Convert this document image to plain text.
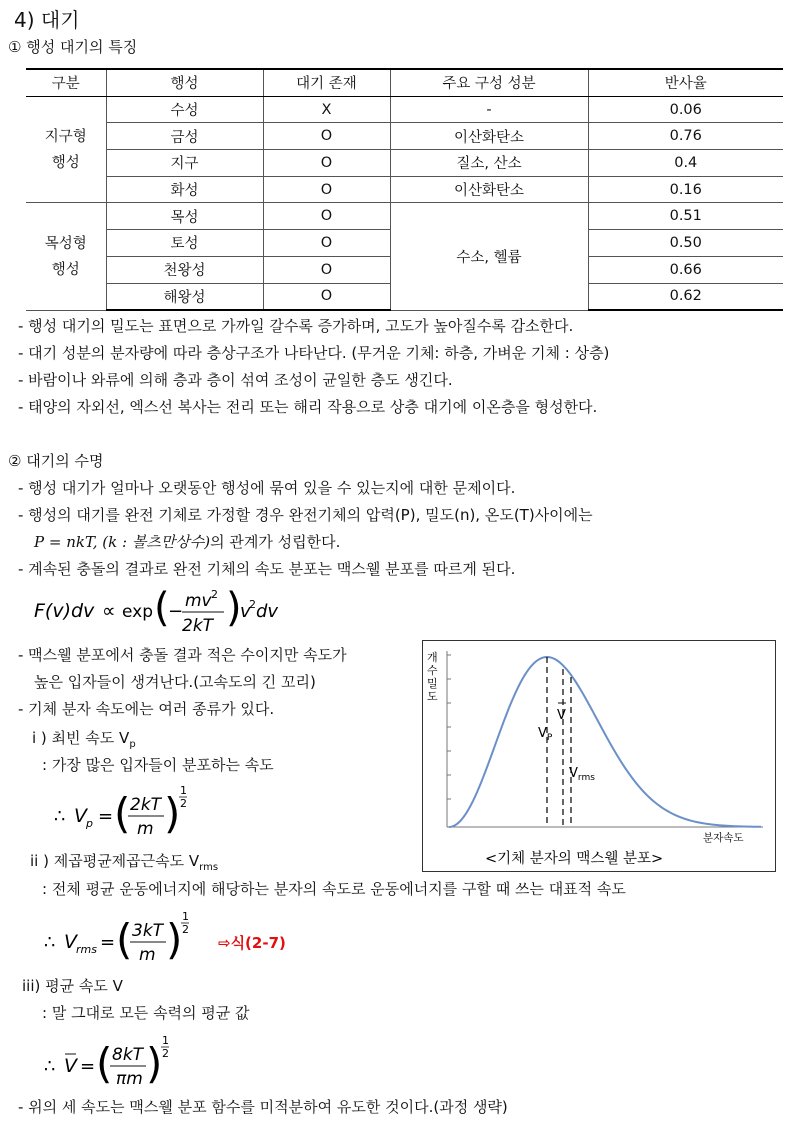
4) 대기
① 행성 대기의 특징
구분	행성	대기 존재	주요 구성 성분	반사율

지구형
행성	수성	X	-	0.06
	금성	O	이산화탄소	0.76
	지구	O	질소, 산소	0.4
	화성	O	이산화탄소	0.16

목성형
행성	목성	O	수소, 헬륨	0.51
	토성	O		0.50
	천왕성	O		0.66
	해왕성	O		0.62
- 행성 대기의 밀도는 표면으로 가까일 갈수록 증가하며, 고도가 높아질수록 감소한다.
- 대기 성분의 분자량에 따라 층상구조가 나타난다. (무거운 기체: 하층, 가벼운 기체 : 상층)
- 바람이나 와류에 의해 층과 층이 섞여 조성이 균일한 층도 생긴다.
- 태양의 자외선, 엑스선 복사는 전리 또는 해리 작용으로 상층 대기에 이온층을 형성한다.
② 대기의 수명
- 행성 대기가 얼마나 오랫동안 행성에 묶여 있을 수 있는지에 대한 문제이다.
- 행성의 대기를 완전 기체로 가정할 경우 완전기체의 압력(P), 밀도(n), 온도(T)사이에는
P = nkT, (k : 볼츠만상수)의 관계가 성립한다.
- 계속된 충돌의 결과로 완전 기체의 속도 분포는 맥스웰 분포를 따르게 된다.
F(v)dv ∝ exp (
− mv 2
2kT )
v
2 dv
- 맥스웰 분포에서 충돌 결과 적은 수이지만 속도가
높은 입자들이 생겨난다.(고속도의 긴 꼬리)
- 기체 분자 속도에는 여러 종류가 있다.
i ) 최빈 속도 $V_p$
: 가장 많은 입자들이 분포하는 속도
∴ V p = ( 2kT
m ) 1
2
ii ) 제곱평균제곱근속도 $V_{rms}$
: 전체 평균 운동에너지에 해당하는 분자의 속도로 운동에너지를 구할 때 쓰는 대표적 속도
∴ V rms = ( 3kT
m ) 1
2
⇨식(2-7)
iii) 평균 속도 V
: 말 그대로 모든 속력의 평균 값
∴ V = ( 8kT
πm ) 1
2
- 위의 세 속도는 맥스웰 분포 함수를 미적분하여 유도한 것이다.(과정 생략)
V
$V_P$
$V_{rms}$
개 수 밀 도
분자속도
<기체 분자의 맥스웰 분포>
